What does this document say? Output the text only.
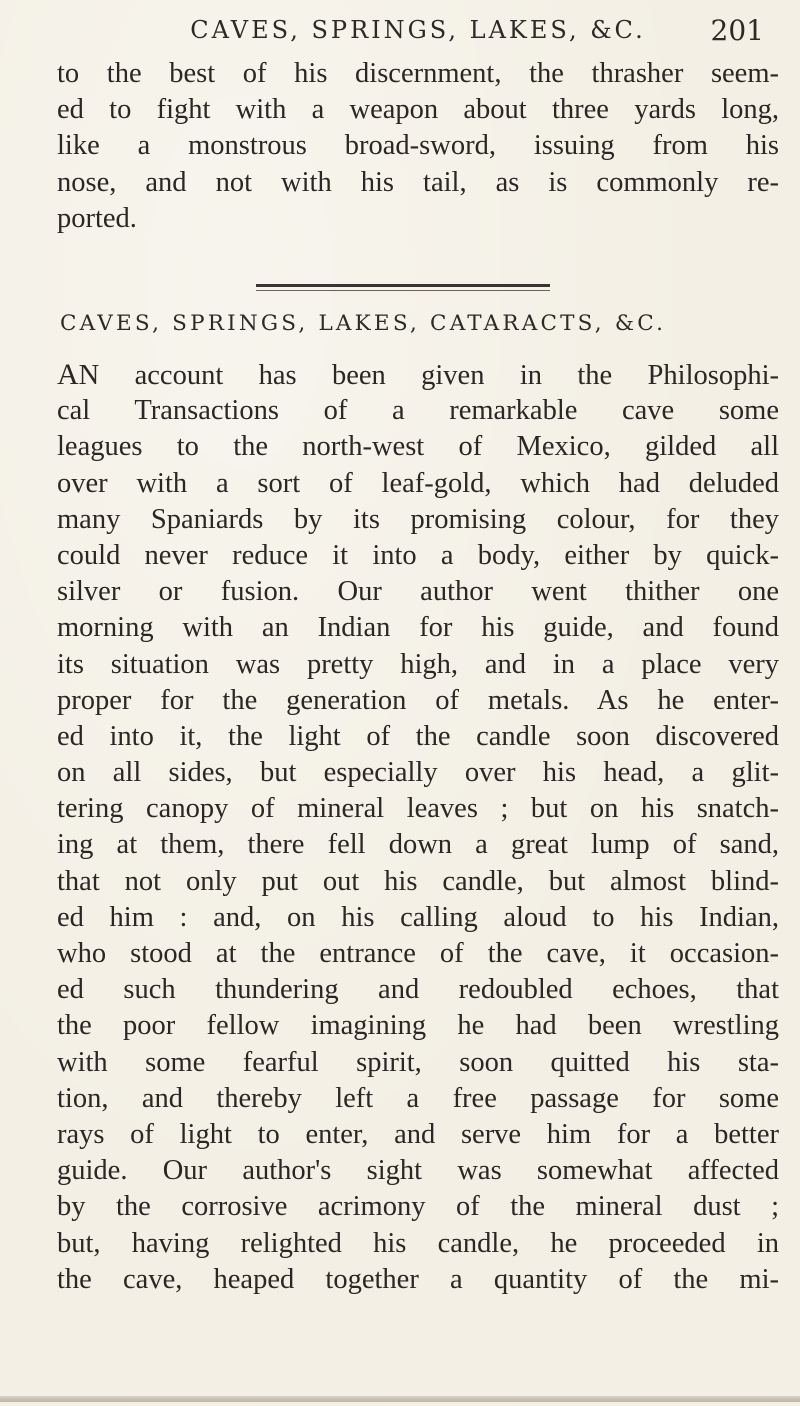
CAVES, SPRINGS, LAKES, &C.	201
to the best of his discernment, the thrasher seem-
ed to fight with a weapon about three yards long,
like a monstrous broad-sword, issuing from his
nose, and not with his tail, as is commonly re-
ported.
CAVES, SPRINGS, LAKES, CATARACTS, &C.
AN account has been given in the Philosophi-
cal Transactions of a remarkable cave some
leagues to the north-west of Mexico, gilded all
over with a sort of leaf-gold, which had deluded
many Spaniards by its promising colour, for they
could never reduce it into a body, either by quick-
silver or fusion. Our author went thither one
morning with an Indian for his guide, and found
its situation was pretty high, and in a place very
proper for the generation of metals. As he enter-
ed into it, the light of the candle soon discovered
on all sides, but especially over his head, a glit-
tering canopy of mineral leaves ; but on his snatch-
ing at them, there fell down a great lump of sand,
that not only put out his candle, but almost blind-
ed him : and, on his calling aloud to his Indian,
who stood at the entrance of the cave, it occasion-
ed such thundering and redoubled echoes, that
the poor fellow imagining he had been wrestling
with some fearful spirit, soon quitted his sta-
tion, and thereby left a free passage for some
rays of light to enter, and serve him for a better
guide. Our author's sight was somewhat affected
by the corrosive acrimony of the mineral dust ;
but, having relighted his candle, he proceeded in
the cave, heaped together a quantity of the mi-
